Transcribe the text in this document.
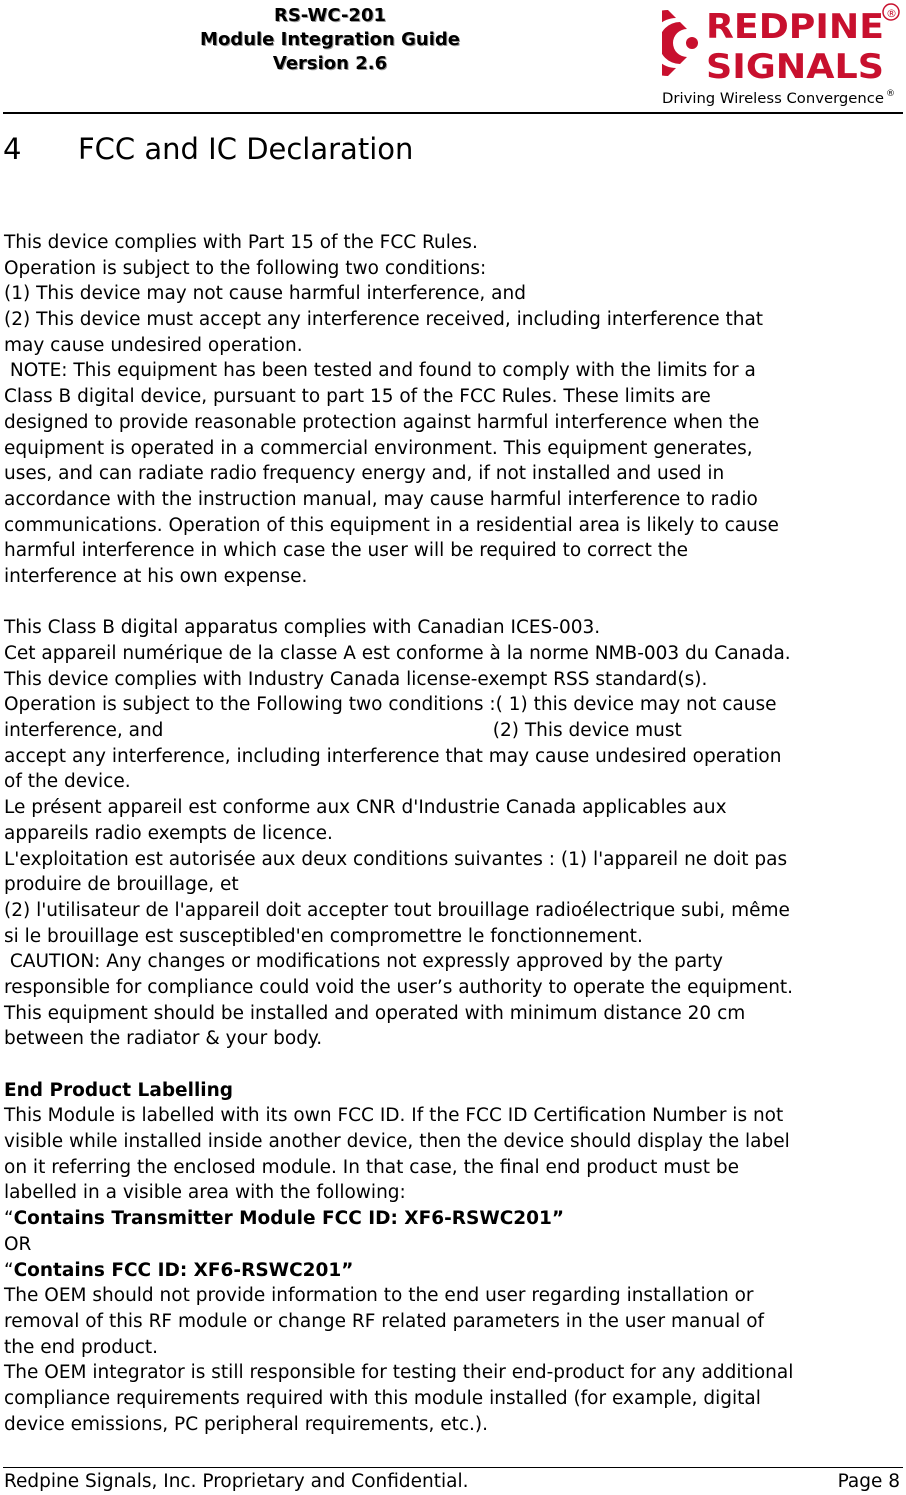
RS-WC-201
Module Integration Guide
Version 2.6
REDPINE
SIGNALS
®
Driving Wireless Convergence ®
4 FCC and IC Declaration
This device complies with Part 15 of the FCC Rules.
Operation is subject to the following two conditions:
(1) This device may not cause harmful interference, and
(2) This device must accept any interference received, including interference that
may cause undesired operation.
NOTE: This equipment has been tested and found to comply with the limits for a
Class B digital device, pursuant to part 15 of the FCC Rules. These limits are
designed to provide reasonable protection against harmful interference when the
equipment is operated in a commercial environment. This equipment generates,
uses, and can radiate radio frequency energy and, if not installed and used in
accordance with the instruction manual, may cause harmful interference to radio
communications. Operation of this equipment in a residential area is likely to cause
harmful interference in which case the user will be required to correct the
interference at his own expense.
This Class B digital apparatus complies with Canadian ICES-003.
Cet appareil numérique de la classe A est conforme à la norme NMB-003 du Canada.
This device complies with Industry Canada license-exempt RSS standard(s).
Operation is subject to the Following two conditions :( 1) this device may not cause
interference, and                                                        (2) This device must
accept any interference, including interference that may cause undesired operation
of the device.
Le présent appareil est conforme aux CNR d'Industrie Canada applicables aux
appareils radio exempts de licence.
L'exploitation est autorisée aux deux conditions suivantes : (1) l'appareil ne doit pas
produire de brouillage, et
(2) l'utilisateur de l'appareil doit accepter tout brouillage radioélectrique subi, même
si le brouillage est susceptibled'en compromettre le fonctionnement.
CAUTION: Any changes or modifications not expressly approved by the party
responsible for compliance could void the user’s authority to operate the equipment.
This equipment should be installed and operated with minimum distance 20 cm
between the radiator & your body.
End Product Labelling
This Module is labelled with its own FCC ID. If the FCC ID Certification Number is not
visible while installed inside another device, then the device should display the label
on it referring the enclosed module. In that case, the final end product must be
labelled in a visible area with the following:
“Contains Transmitter Module FCC ID: XF6-RSWC201”
OR
“Contains FCC ID: XF6-RSWC201”
The OEM should not provide information to the end user regarding installation or
removal of this RF module or change RF related parameters in the user manual of
the end product.
The OEM integrator is still responsible for testing their end-product for any additional
compliance requirements required with this module installed (for example, digital
device emissions, PC peripheral requirements, etc.).
Redpine Signals, Inc. Proprietary and Confidential.	Page 8
